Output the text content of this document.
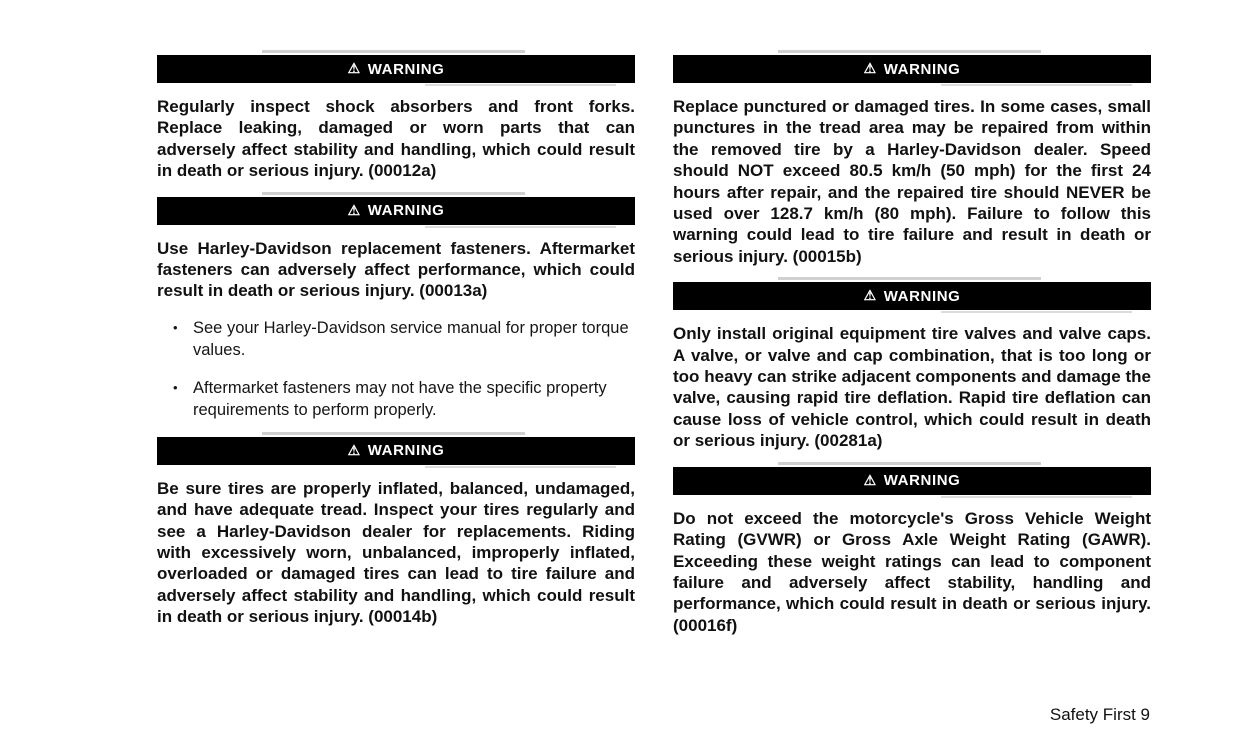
⚠ WARNING

Regularly inspect shock absorbers and front forks. Replace leaking, damaged or worn parts that can adversely affect stability and handling, which could result in death or serious injury. (00012a)

⚠ WARNING

Use Harley-Davidson replacement fasteners. Aftermarket fasteners can adversely affect performance, which could result in death or serious injury. (00013a)

• See your Harley-Davidson service manual for proper torque values.
• Aftermarket fasteners may not have the specific property requirements to perform properly.
⚠ WARNING

Be sure tires are properly inflated, balanced, undamaged, and have adequate tread. Inspect your tires regularly and see a Harley-Davidson dealer for replacements. Riding with excessively worn, unbalanced, improperly inflated, overloaded or damaged tires can lead to tire failure and adversely affect stability and handling, which could result in death or serious injury. (00014b)

⚠ WARNING

Replace punctured or damaged tires. In some cases, small punctures in the tread area may be repaired from within the removed tire by a Harley-Davidson dealer. Speed should NOT exceed 80.5 km/h (50 mph) for the first 24 hours after repair, and the repaired tire should NEVER be used over 128.7 km/h (80 mph). Failure to follow this warning could lead to tire failure and result in death or serious injury. (00015b)

⚠ WARNING

Only install original equipment tire valves and valve caps. A valve, or valve and cap combination, that is too long or too heavy can strike adjacent components and damage the valve, causing rapid tire deflation. Rapid tire deflation can cause loss of vehicle control, which could result in death or serious injury. (00281a)

⚠ WARNING

Do not exceed the motorcycle's Gross Vehicle Weight Rating (GVWR) or Gross Axle Weight Rating (GAWR). Exceeding these weight ratings can lead to component failure and adversely affect stability, handling and performance, which could result in death or serious injury. (00016f)

Safety First 9
